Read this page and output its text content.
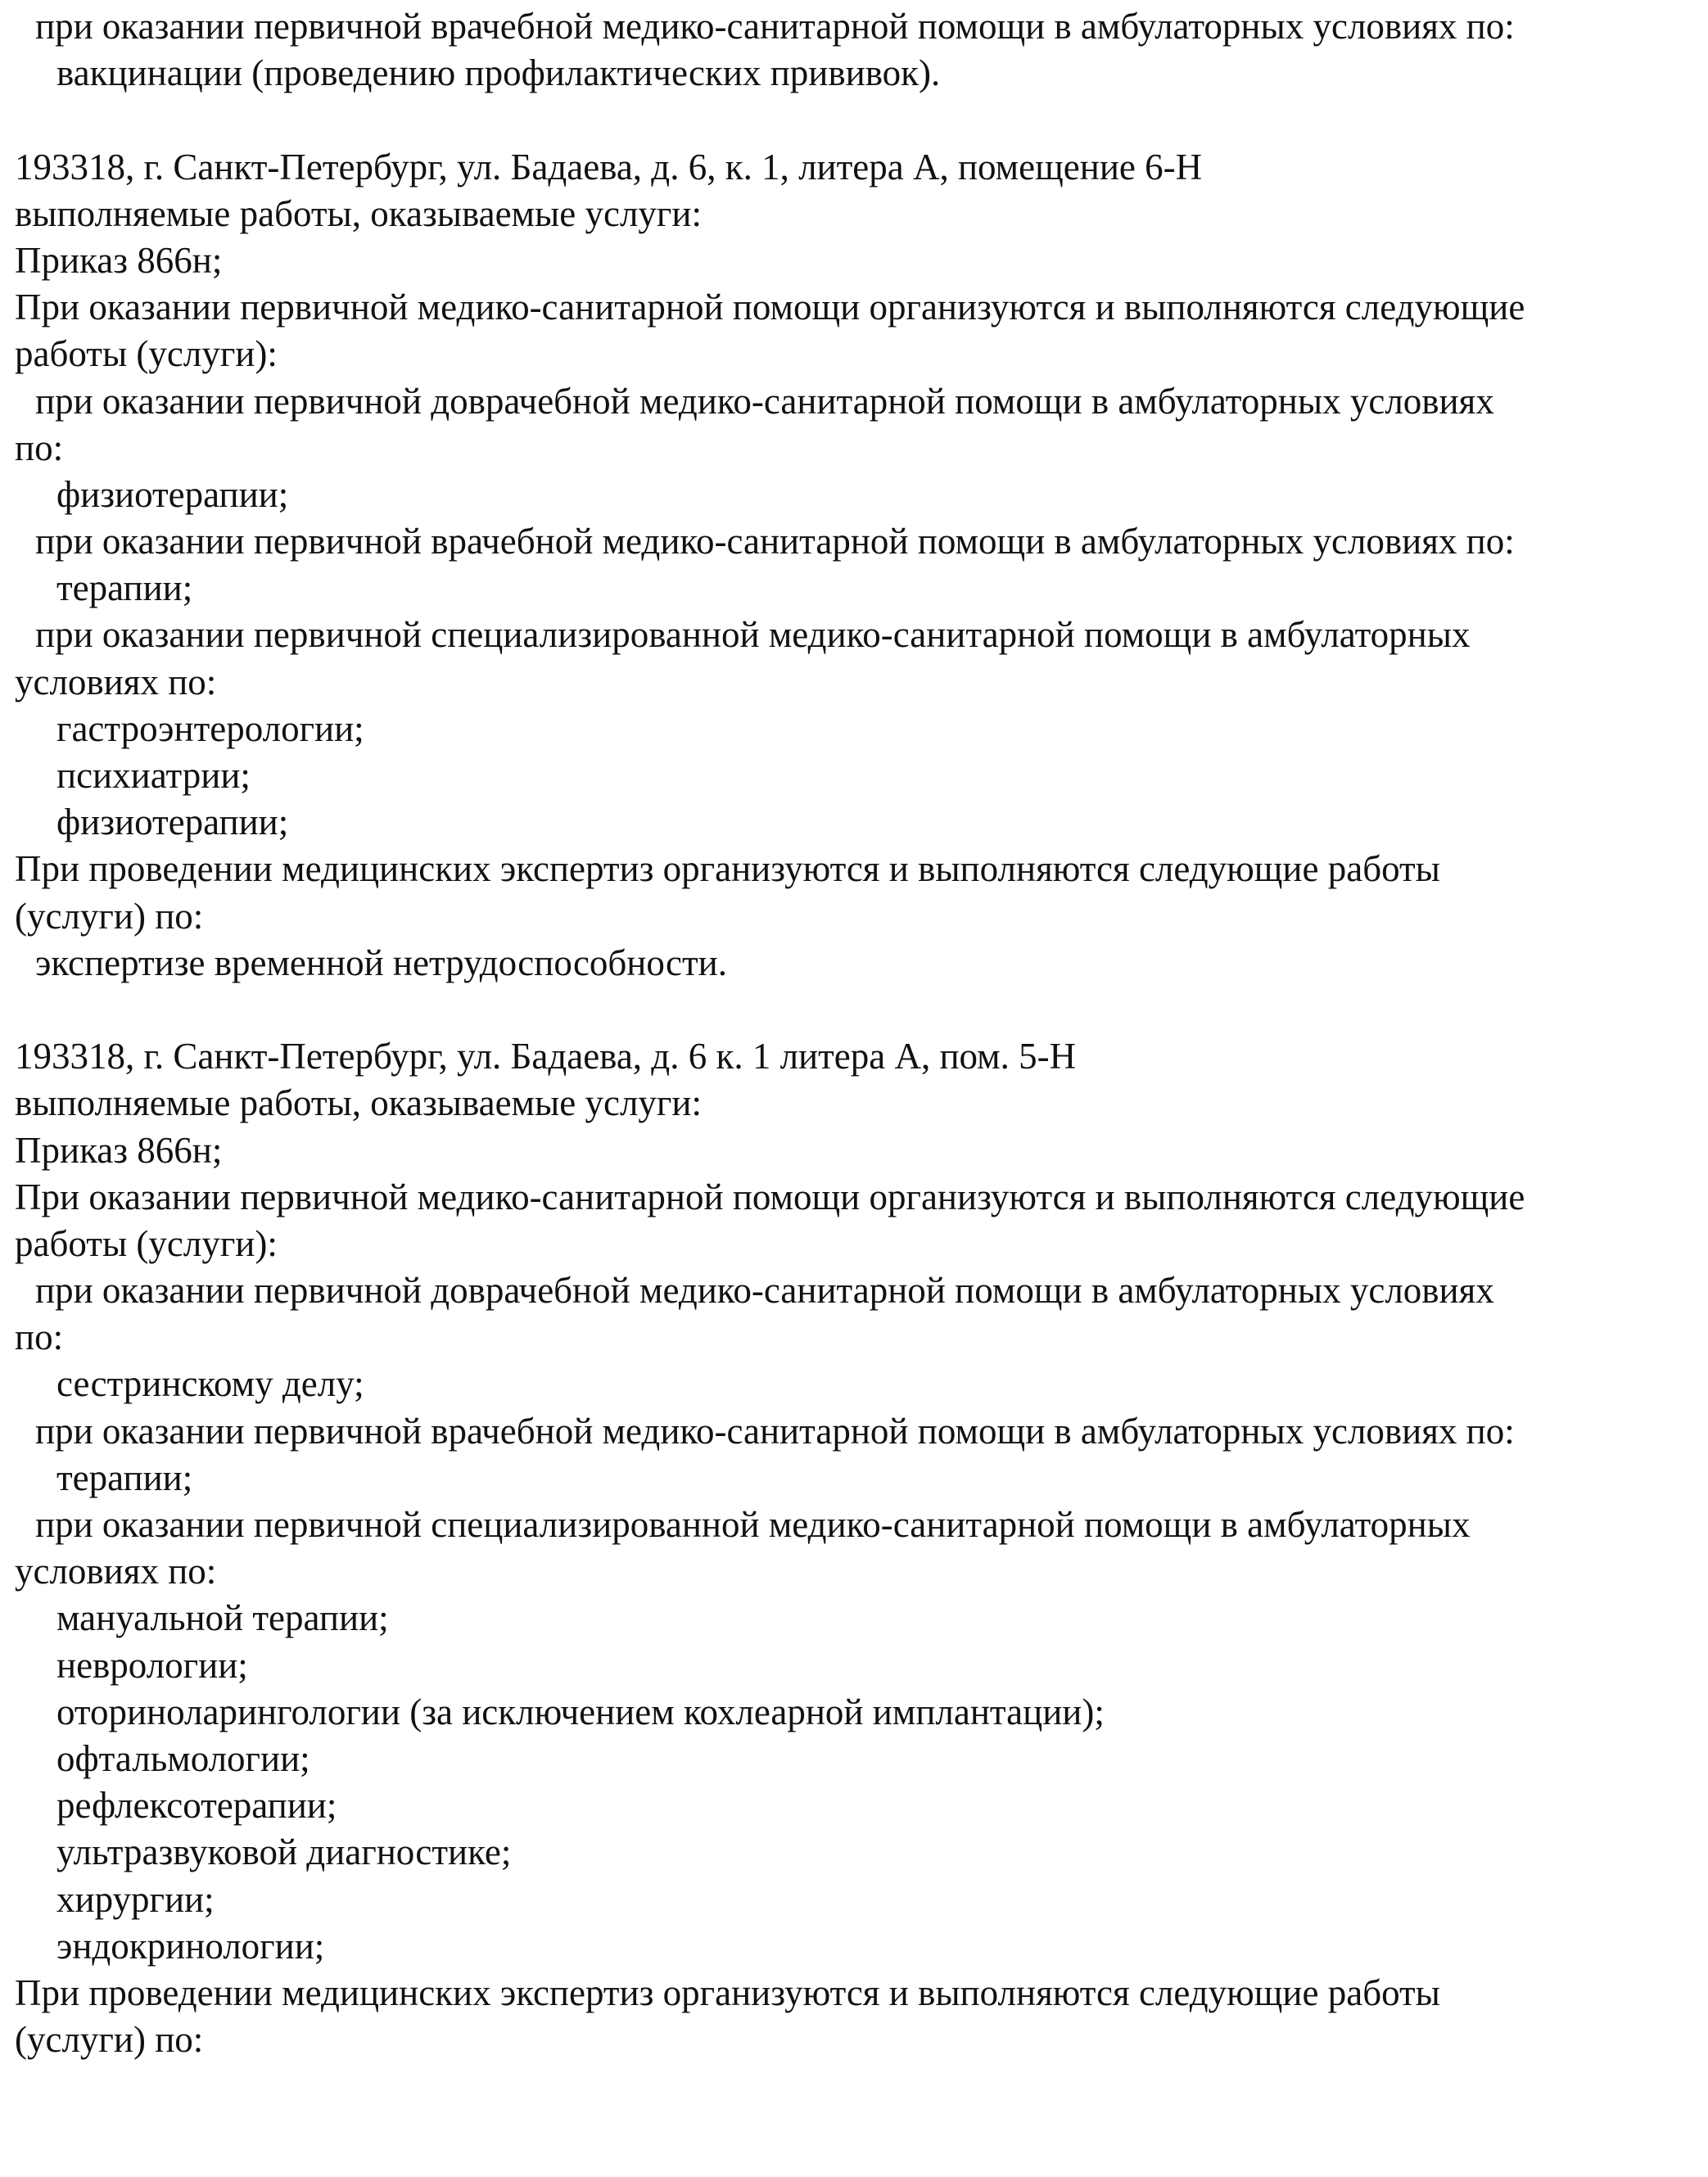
при оказании первичной врачебной медико-санитарной помощи в амбулаторных условиях по:
вакцинации (проведению профилактических прививок).
193318, г. Санкт-Петербург, ул. Бадаева, д. 6, к. 1, литера А, помещение 6-Н
выполняемые работы, оказываемые услуги:
Приказ 866н;
При оказании первичной медико-санитарной помощи организуются и выполняются следующие
работы (услуги):
при оказании первичной доврачебной медико-санитарной помощи в амбулаторных условиях
по:
физиотерапии;
при оказании первичной врачебной медико-санитарной помощи в амбулаторных условиях по:
терапии;
при оказании первичной специализированной медико-санитарной помощи в амбулаторных
условиях по:
гастроэнтерологии;
психиатрии;
физиотерапии;
При проведении медицинских экспертиз организуются и выполняются следующие работы
(услуги) по:
экспертизе временной нетрудоспособности.
193318, г. Санкт-Петербург, ул. Бадаева, д. 6 к. 1 литера А, пом. 5-Н
выполняемые работы, оказываемые услуги:
Приказ 866н;
При оказании первичной медико-санитарной помощи организуются и выполняются следующие
работы (услуги):
при оказании первичной доврачебной медико-санитарной помощи в амбулаторных условиях
по:
сестринскому делу;
при оказании первичной врачебной медико-санитарной помощи в амбулаторных условиях по:
терапии;
при оказании первичной специализированной медико-санитарной помощи в амбулаторных
условиях по:
мануальной терапии;
неврологии;
оториноларингологии (за исключением кохлеарной имплантации);
офтальмологии;
рефлексотерапии;
ультразвуковой диагностике;
хирургии;
эндокринологии;
При проведении медицинских экспертиз организуются и выполняются следующие работы
(услуги) по:
